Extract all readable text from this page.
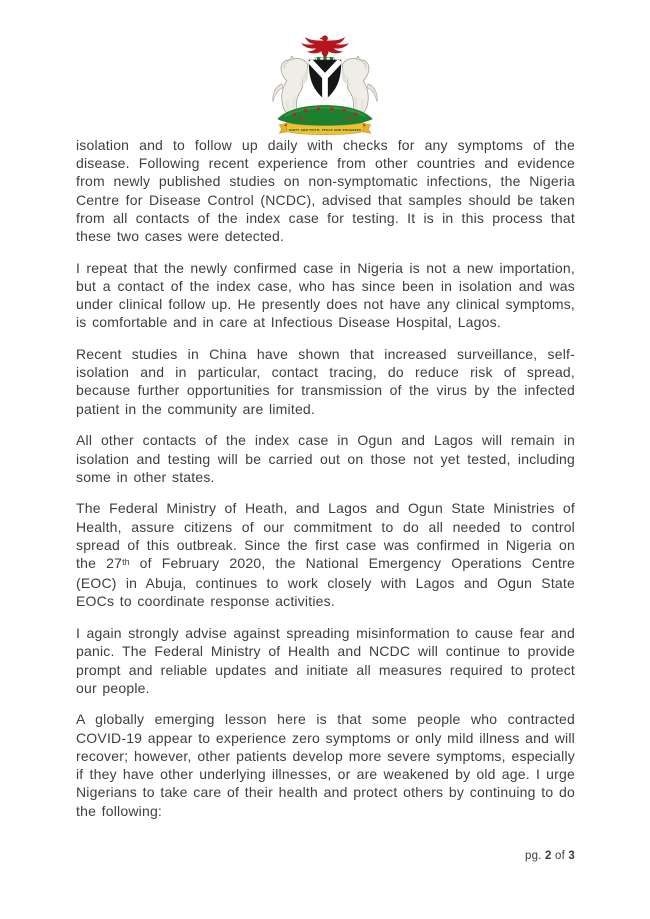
UNITY AND FAITH, PEACE AND PROGRESS

isolation and to follow up daily with checks for any symptoms of the disease. Following recent experience from other countries and evidence from newly published studies on non-symptomatic infections, the Nigeria Centre for Disease Control (NCDC), advised that samples should be taken from all contacts of the index case for testing. It is in this process that these two cases were detected.

I repeat that the newly confirmed case in Nigeria is not a new importation, but a contact of the index case, who has since been in isolation and was under clinical follow up. He presently does not have any clinical symptoms, is comfortable and in care at Infectious Disease Hospital, Lagos.

Recent studies in China have shown that increased surveillance, self-isolation and in particular, contact tracing, do reduce risk of spread, because further opportunities for transmission of the virus by the infected patient in the community are limited.

All other contacts of the index case in Ogun and Lagos will remain in isolation and testing will be carried out on those not yet tested, including some in other states.

The Federal Ministry of Heath, and Lagos and Ogun State Ministries of Health, assure citizens of our commitment to do all needed to control spread of this outbreak. Since the first case was confirmed in Nigeria on the 27th of February 2020, the National Emergency Operations Centre (EOC) in Abuja, continues to work closely with Lagos and Ogun State EOCs to coordinate response activities.

I again strongly advise against spreading misinformation to cause fear and panic. The Federal Ministry of Health and NCDC will continue to provide prompt and reliable updates and initiate all measures required to protect our people.

A globally emerging lesson here is that some people who contracted COVID-19 appear to experience zero symptoms or only mild illness and will recover; however, other patients develop more severe symptoms, especially if they have other underlying illnesses, or are weakened by old age. I urge Nigerians to take care of their health and protect others by continuing to do the following:

pg. 2 of 3
